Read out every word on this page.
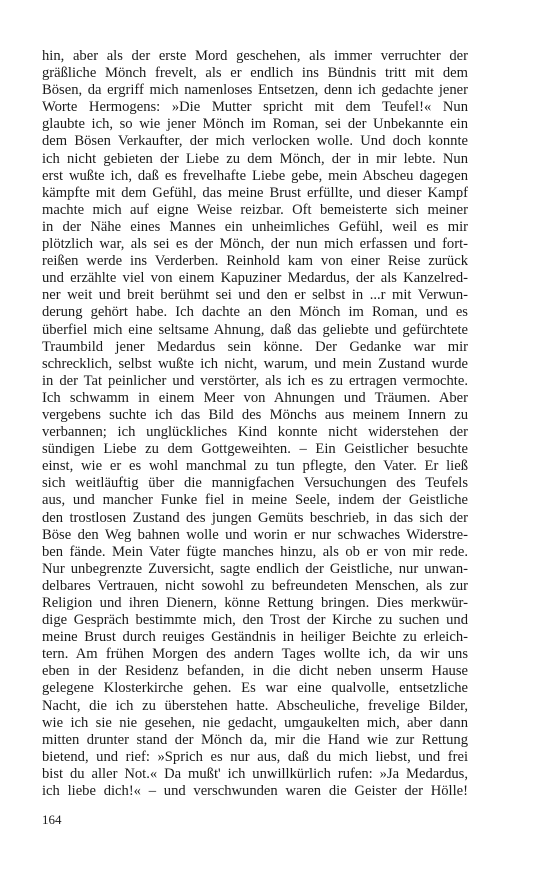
hin, aber als der erste Mord geschehen, als immer verruchter der
gräßliche Mönch frevelt, als er endlich ins Bündnis tritt mit dem
Bösen, da ergriff mich namenloses Entsetzen, denn ich gedachte jener
Worte Hermogens: »Die Mutter spricht mit dem Teufel!« Nun
glaubte ich, so wie jener Mönch im Roman, sei der Unbekannte ein
dem Bösen Verkaufter, der mich verlocken wolle. Und doch konnte
ich nicht gebieten der Liebe zu dem Mönch, der in mir lebte. Nun
erst wußte ich, daß es frevelhafte Liebe gebe, mein Abscheu dagegen
kämpfte mit dem Gefühl, das meine Brust erfüllte, und dieser Kampf
machte mich auf eigne Weise reizbar. Oft bemeisterte sich meiner
in der Nähe eines Mannes ein unheimliches Gefühl, weil es mir
plötzlich war, als sei es der Mönch, der nun mich erfassen und fort-
reißen werde ins Verderben. Reinhold kam von einer Reise zurück
und erzählte viel von einem Kapuziner Medardus, der als Kanzelred-
ner weit und breit berühmt sei und den er selbst in ...r mit Verwun-
derung gehört habe. Ich dachte an den Mönch im Roman, und es
überfiel mich eine seltsame Ahnung, daß das geliebte und gefürchtete
Traumbild jener Medardus sein könne. Der Gedanke war mir
schrecklich, selbst wußte ich nicht, warum, und mein Zustand wurde
in der Tat peinlicher und verstörter, als ich es zu ertragen vermochte.
Ich schwamm in einem Meer von Ahnungen und Träumen. Aber
vergebens suchte ich das Bild des Mönchs aus meinem Innern zu
verbannen; ich unglückliches Kind konnte nicht widerstehen der
sündigen Liebe zu dem Gottgeweihten. – Ein Geistlicher besuchte
einst, wie er es wohl manchmal zu tun pflegte, den Vater. Er ließ
sich weitläuftig über die mannigfachen Versuchungen des Teufels
aus, und mancher Funke fiel in meine Seele, indem der Geistliche
den trostlosen Zustand des jungen Gemüts beschrieb, in das sich der
Böse den Weg bahnen wolle und worin er nur schwaches Widerstre-
ben fände. Mein Vater fügte manches hinzu, als ob er von mir rede.
Nur unbegrenzte Zuversicht, sagte endlich der Geistliche, nur unwan-
delbares Vertrauen, nicht sowohl zu befreundeten Menschen, als zur
Religion und ihren Dienern, könne Rettung bringen. Dies merkwür-
dige Gespräch bestimmte mich, den Trost der Kirche zu suchen und
meine Brust durch reuiges Geständnis in heiliger Beichte zu erleich-
tern. Am frühen Morgen des andern Tages wollte ich, da wir uns
eben in der Residenz befanden, in die dicht neben unserm Hause
gelegene Klosterkirche gehen. Es war eine qualvolle, entsetzliche
Nacht, die ich zu überstehen hatte. Abscheuliche, frevelige Bilder,
wie ich sie nie gesehen, nie gedacht, umgaukelten mich, aber dann
mitten drunter stand der Mönch da, mir die Hand wie zur Rettung
bietend, und rief: »Sprich es nur aus, daß du mich liebst, und frei
bist du aller Not.« Da mußt' ich unwillkürlich rufen: »Ja Medardus,
ich liebe dich!« – und verschwunden waren die Geister der Hölle!
164
